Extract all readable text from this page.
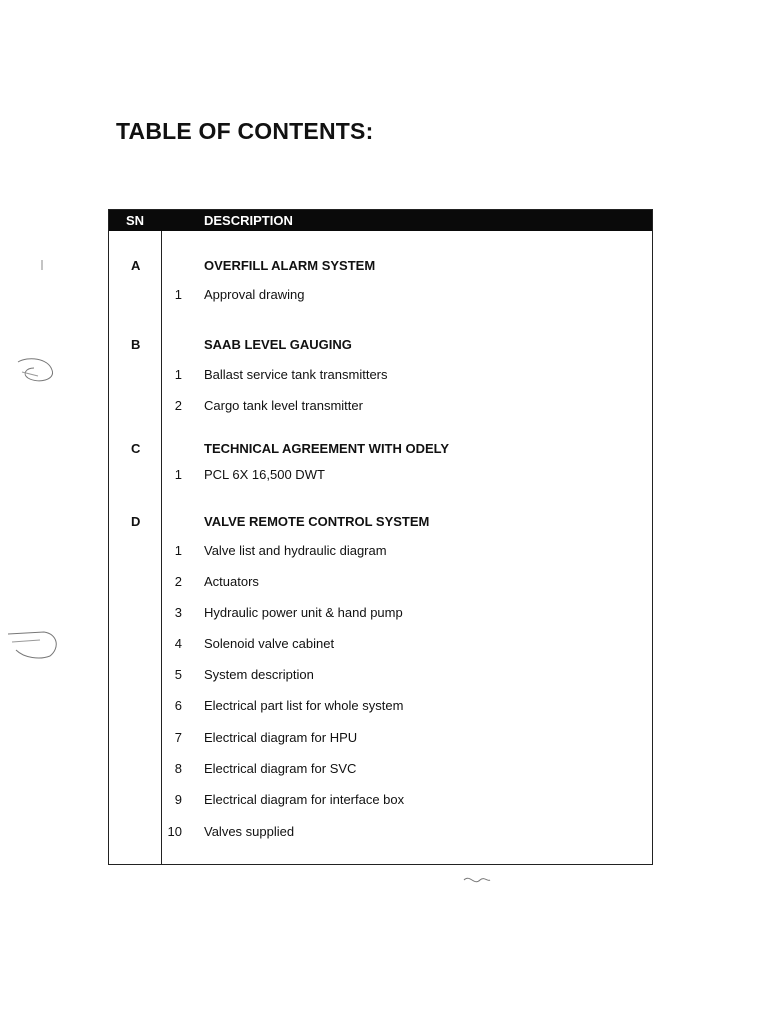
TABLE OF CONTENTS:
SN	DESCRIPTION
A	OVERFILL ALARM SYSTEM
1 Approval drawing
B	SAAB LEVEL GAUGING
1 Ballast service tank transmitters
2 Cargo tank level transmitter
C	TECHNICAL AGREEMENT WITH ODELY
1 PCL 6X 16,500 DWT
D	VALVE REMOTE CONTROL SYSTEM
1 Valve list and hydraulic diagram
2 Actuators
3 Hydraulic power unit & hand pump
4 Solenoid valve cabinet
5 System description
6 Electrical part list for whole system
7 Electrical diagram for HPU
8 Electrical diagram for SVC
9 Electrical diagram for interface box
10 Valves supplied
